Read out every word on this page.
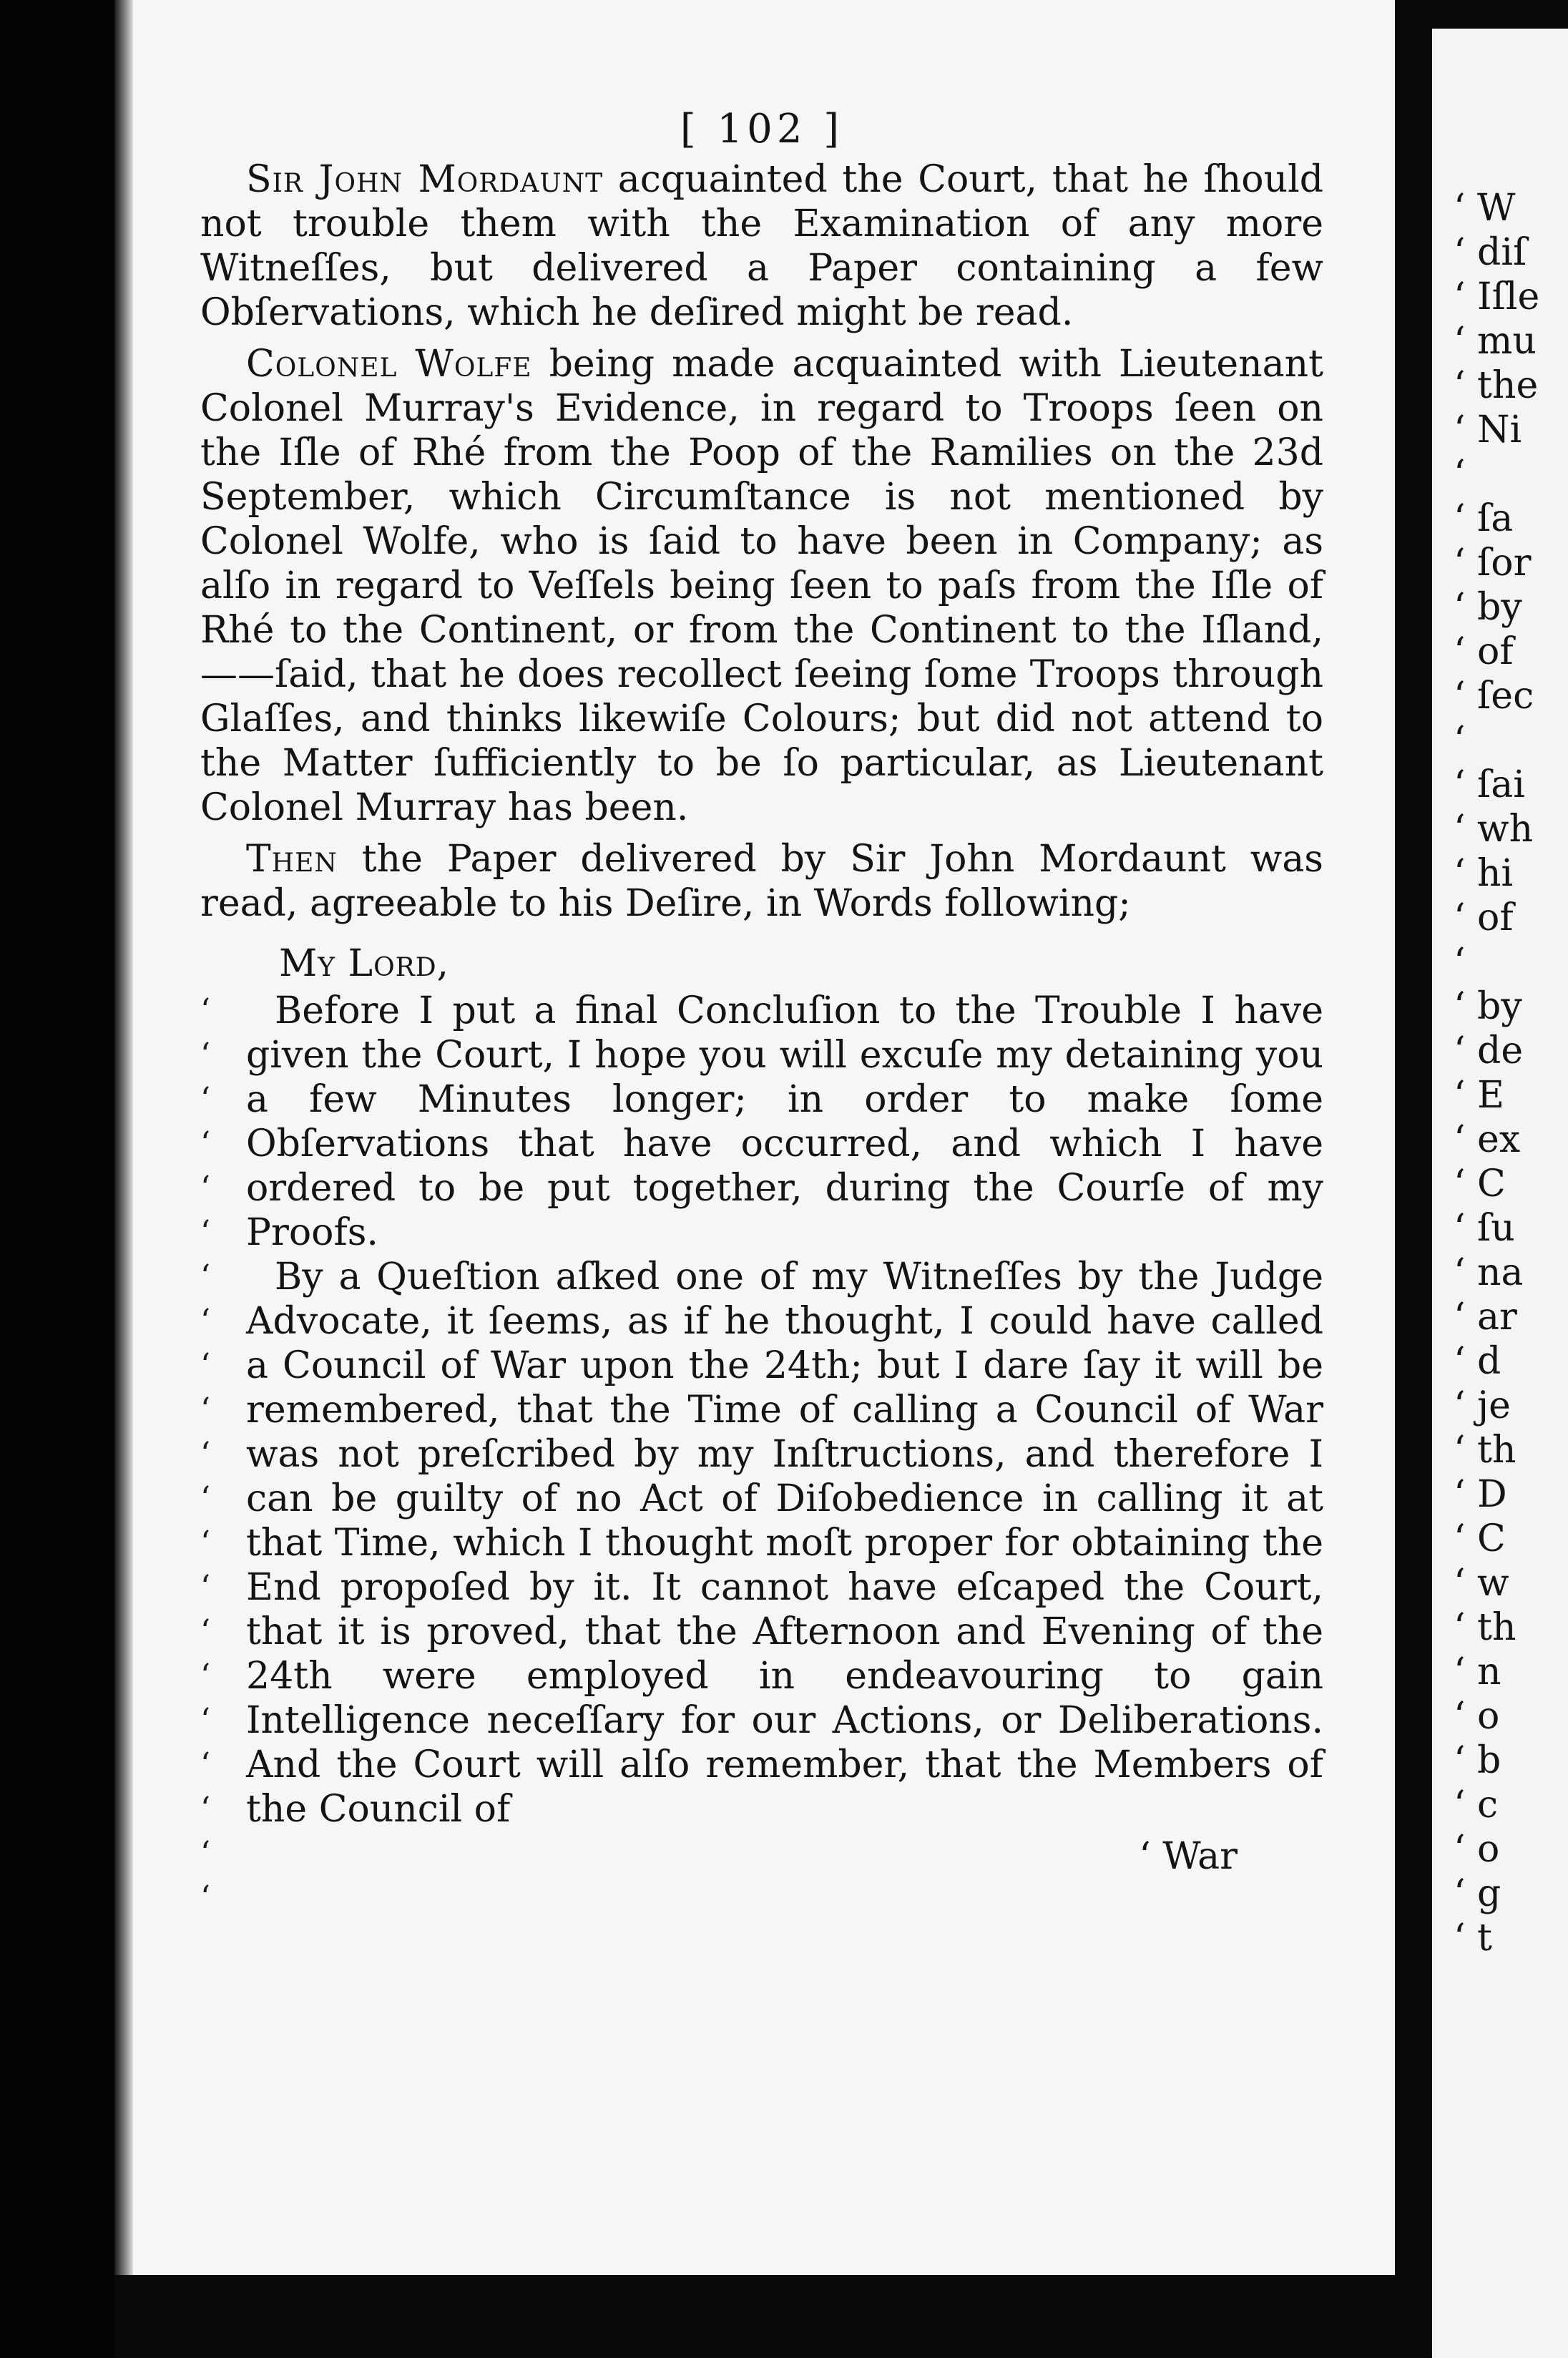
[ 102 ]

Sir John Mordaunt acquainted the Court, that he ſhould not trouble them with the Examination of any more Witneſſes, but delivered a Paper containing a few Obſervations, which he deſired might be read.

Colonel Wolfe being made acquainted with Lieutenant Colonel Murray's Evidence, in regard to Troops ſeen on the Iſle of Rhé from the Poop of the Ramilies on the 23d September, which Circumſtance is not mentioned by Colonel Wolfe, who is ſaid to have been in Company; as alſo in regard to Veſſels being ſeen to paſs from the Iſle of Rhé to the Continent, or from the Continent to the Iſland,——ſaid, that he does recollect ſeeing ſome Troops through Glaſſes, and thinks likewiſe Colours; but did not attend to the Matter ſufficiently to be ſo particular, as Lieutenant Colonel Murray has been.

Then the Paper delivered by Sir John Mordaunt was read, agreeable to his Deſire, in Words following;

My Lord,
‘
‘
‘
‘
‘
‘

Before I put a final Concluſion to the Trouble I have given the Court, I hope you will excuſe my detaining you a few Minutes longer; in order to make ſome Obſervations that have occurred, and which I have ordered to be put together, during the Courſe of my Proofs.

‘
‘
‘
‘
‘
‘
‘
‘
‘
‘
‘
‘
‘
‘
‘

By a Queſtion aſked one of my Witneſſes by the Judge Advocate, it ſeems, as if he thought, I could have called a Council of War upon the 24th; but I dare ſay it will be remembered, that the Time of calling a Council of War was not preſcribed by my Inſtructions, and therefore I can be guilty of no Act of Diſobedience in calling it at that Time, which I thought moſt proper for obtaining the End propoſed by it. It cannot have eſcaped the Court, that it is proved, that the Afternoon and Evening of the 24th were employed in endeavouring to gain Intelligence neceſſary for our Actions, or Deliberations. And the Court will alſo remember, that the Members of the Council of

‘ War
‘ W
‘ diſ
‘ Iſle
‘ mu
‘ the
‘ Ni
‘
‘ ſa
‘ ſor
‘ by
‘ of
‘ ſec
‘
‘ ſai
‘ wh
‘ hi
‘ of
‘
‘ by
‘ de
‘ E
‘ ex
‘ C
‘ ſu
‘ na
‘ ar
‘ d
‘ je
‘ th
‘ D
‘ C
‘ w
‘ th
‘ n
‘ o
‘ b
‘ c
‘ o
‘ g
‘ t
